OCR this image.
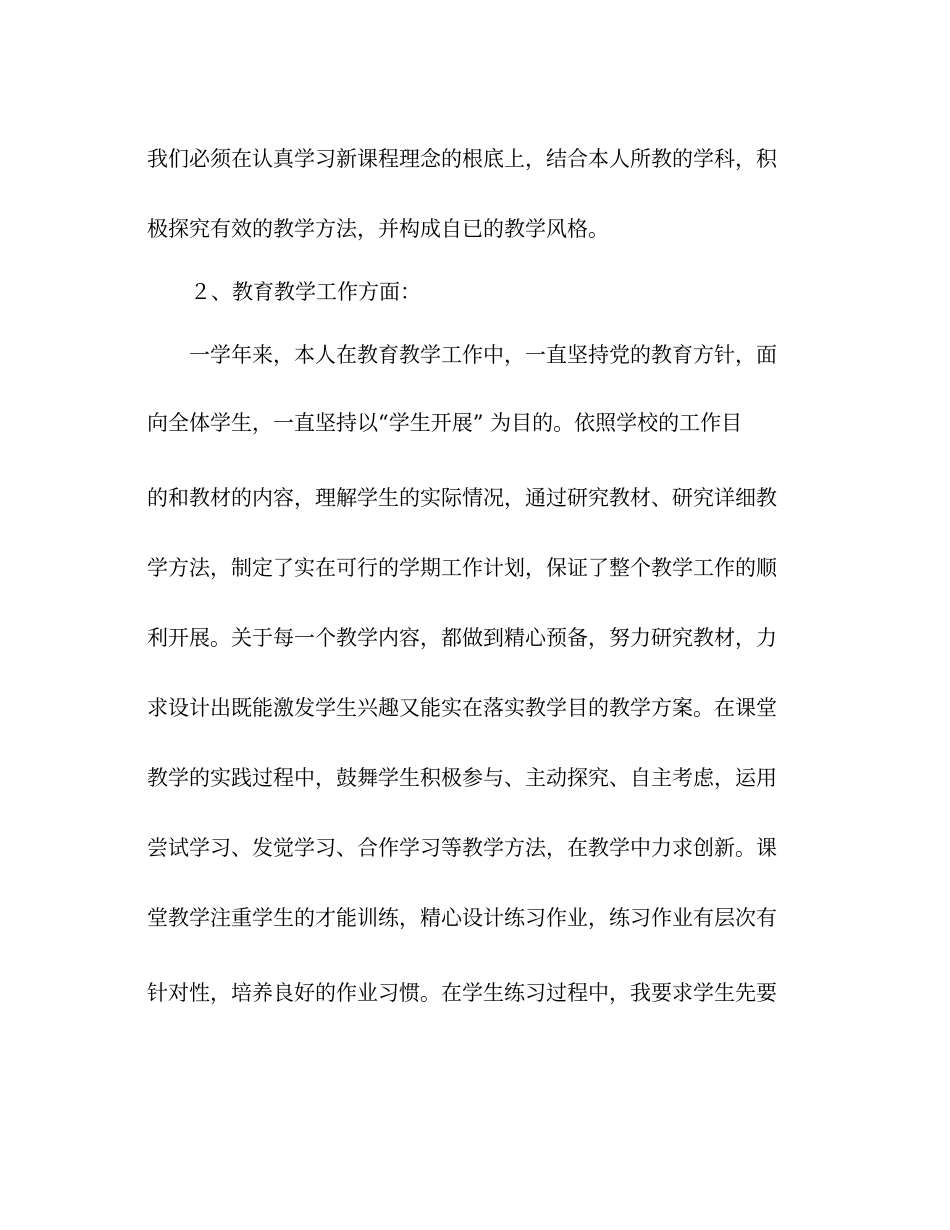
我们必须在认真学习新课程理念的根底上，结合本人所教的学科，积
极探究有效的教学方法，并构成自已的教学风格。
２、教育教学工作方面：
一学年来，本人在教育教学工作中，一直坚持党的教育方针，面
向全体学生，一直坚持以“学生开展” 为目的。依照学校的工作目
的和教材的内容，理解学生的实际情况，通过研究教材、研究详细教
学方法，制定了实在可行的学期工作计划，保证了整个教学工作的顺
利开展。关于每一个教学内容，都做到精心预备，努力研究教材，力
求设计出既能激发学生兴趣又能实在落实教学目的教学方案。在课堂
教学的实践过程中，鼓舞学生积极参与、主动探究、自主考虑，运用
尝试学习、发觉学习、合作学习等教学方法，在教学中力求创新。课
堂教学注重学生的才能训练，精心设计练习作业，练习作业有层次有
针对性，培养良好的作业习惯。在学生练习过程中，我要求学生先要
